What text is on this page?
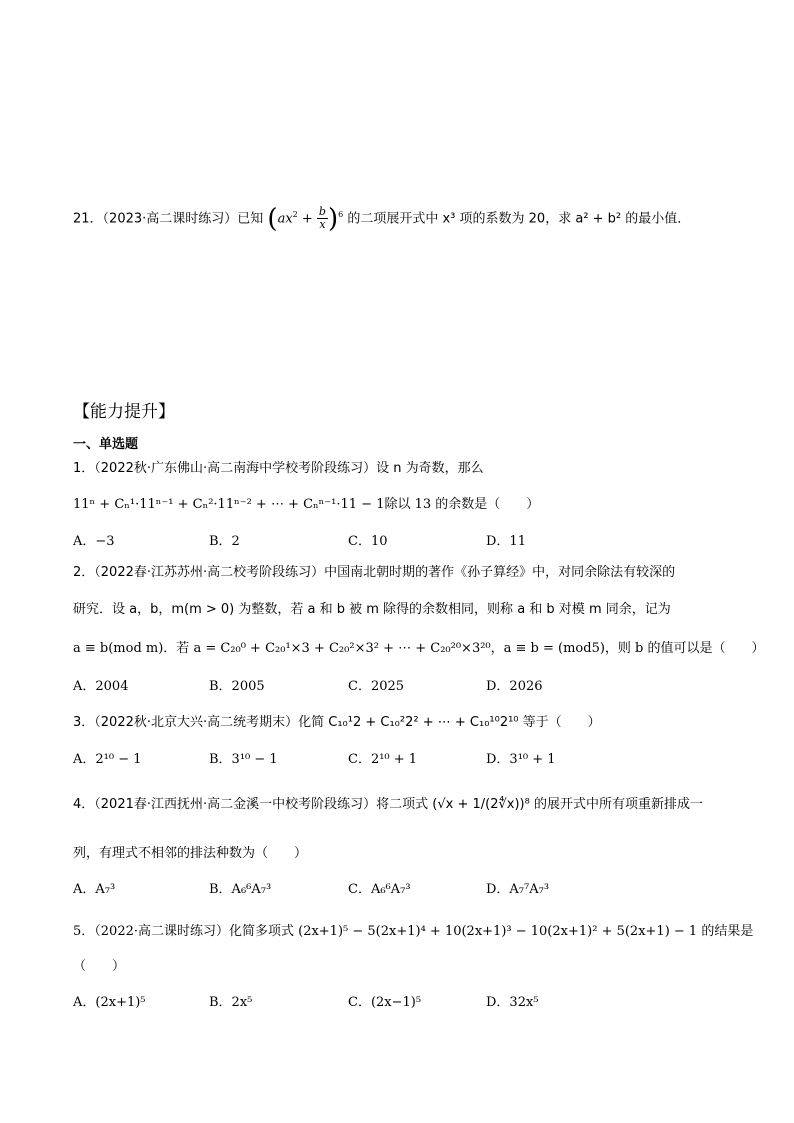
21．（2023·高二课时练习）已知 $(ax^2 + \frac{b}{x} )^6$ 的二项展开式中 x³ 项的系数为 20，求 a² + b² 的最小值．
【能力提升】
一、单选题
1．（2022秋·广东佛山·高二南海中学校考阶段练习）设 n 为奇数，那么
11ⁿ + Cₙ¹·11ⁿ⁻¹ + Cₙ²·11ⁿ⁻² + ⋯ + Cₙⁿ⁻¹·11 − 1除以 13 的余数是（　　）
A．−3	B．2	C．10	D．11
2．（2022春·江苏苏州·高二校考阶段练习）中国南北朝时期的著作《孙子算经》中，对同余除法有较深的
研究．设 a，b，m(m > 0) 为整数，若 a 和 b 被 m 除得的余数相同，则称 a 和 b 对模 m 同余，记为
a ≡ b(mod m)．若 a = C₂₀⁰ + C₂₀¹×3 + C₂₀²×3² + ⋯ + C₂₀²⁰×3²⁰，a ≡ b = (mod5)，则 b 的值可以是（　　）
A．2004	B．2005	C．2025	D．2026
3．（2022秋·北京大兴·高二统考期末）化简 C₁₀¹2 + C₁₀²2² + ⋯ + C₁₀¹⁰2¹⁰ 等于（　　）
A．2¹⁰ − 1	B．3¹⁰ − 1	C．2¹⁰ + 1	D．3¹⁰ + 1
4．（2021春·江西抚州·高二金溪一中校考阶段练习）将二项式 (√x + 1/(2∜x))⁸ 的展开式中所有项重新排成一
列，有理式不相邻的排法种数为（　　）
A．A₇³	B．A₆⁶A₇³	C．A₆⁶A₇³	D．A₇⁷A₇³
5．（2022·高二课时练习）化简多项式 (2x+1)⁵ − 5(2x+1)⁴ + 10(2x+1)³ − 10(2x+1)² + 5(2x+1) − 1 的结果是
（　　）
A．(2x+1)⁵	B．2x⁵	C．(2x−1)⁵	D．32x⁵
